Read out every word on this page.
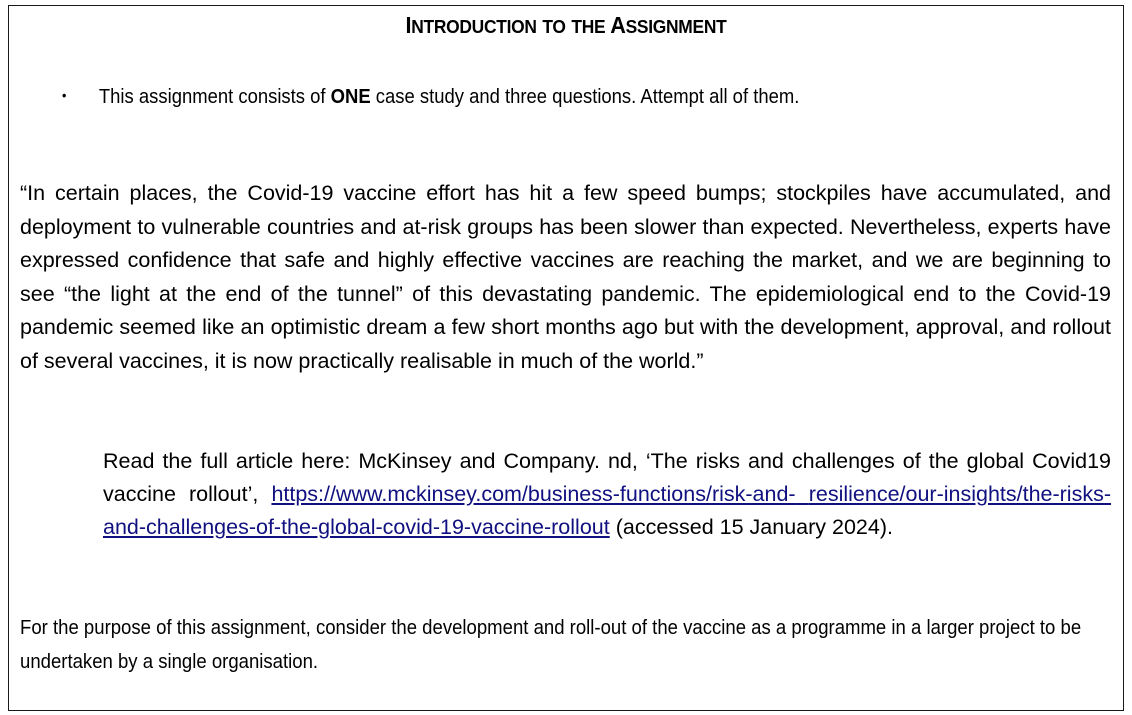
INTRODUCTION TO THE ASSIGNMENT
• This assignment consists of ONE case study and three questions. Attempt all of them.

“In certain places, the Covid-19 vaccine effort has hit a few speed bumps; stockpiles have accumulated, and deployment to vulnerable countries and at-risk groups has been slower than expected. Nevertheless, experts have expressed confidence that safe and highly effective vaccines are reaching the market, and we are beginning to see “the light at the end of the tunnel” of this devastating pandemic. The epidemiological end to the Covid-19 pandemic seemed like an optimistic dream a few short months ago but with the development, approval, and rollout of several vaccines, it is now practically realisable in much of the world.”

Read the full article here: McKinsey and Company. nd, ‘The risks and challenges of the global Covid19 vaccine rollout’, https://www.mckinsey.com/business-functions/risk-and- resilience/our-insights/the-risks-and-challenges-of-the-global-covid-19-vaccine-rollout (accessed 15 January 2024).

For the purpose of this assignment, consider the development and roll-out of the vaccine as a programme in a larger project to be undertaken by a single organisation.
